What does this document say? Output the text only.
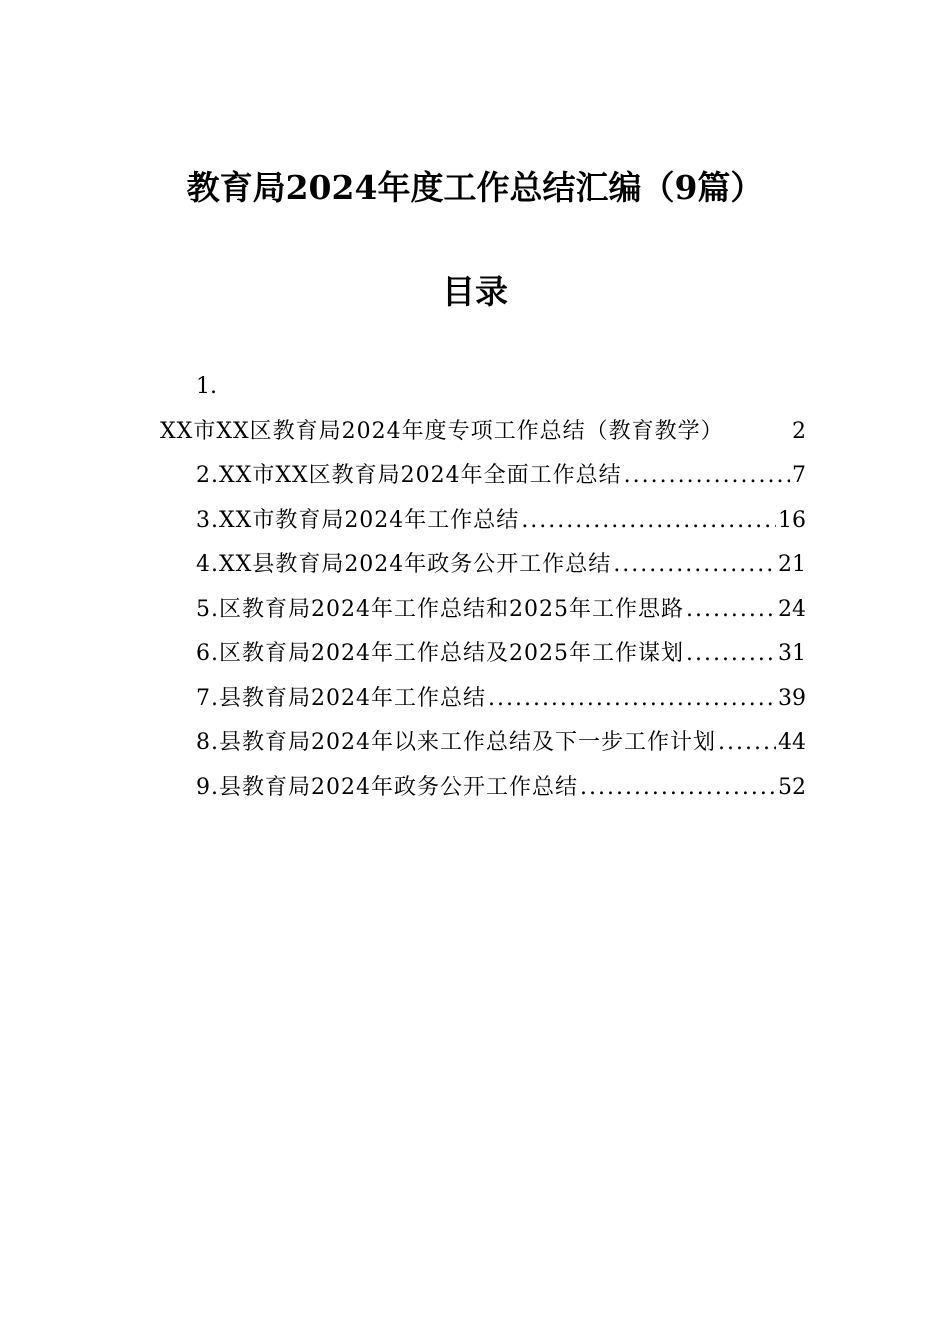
教育局2024年度工作总结汇编（9篇）
目录
1.
XX市XX区教育局2024年度专项工作总结（教育教学）	2
2.XX市XX区教育局2024年全面工作总结 .....	7
3.XX市教育局2024年工作总结 .....	16
4.XX县教育局2024年政务公开工作总结 .....	21
5.区教育局2024年工作总结和2025年工作思路 .....	24
6.区教育局2024年工作总结及2025年工作谋划 .....	31
7.县教育局2024年工作总结 .....	39
8.县教育局2024年以来工作总结及下一步工作计划 .....	44
9.县教育局2024年政务公开工作总结 .....	52
